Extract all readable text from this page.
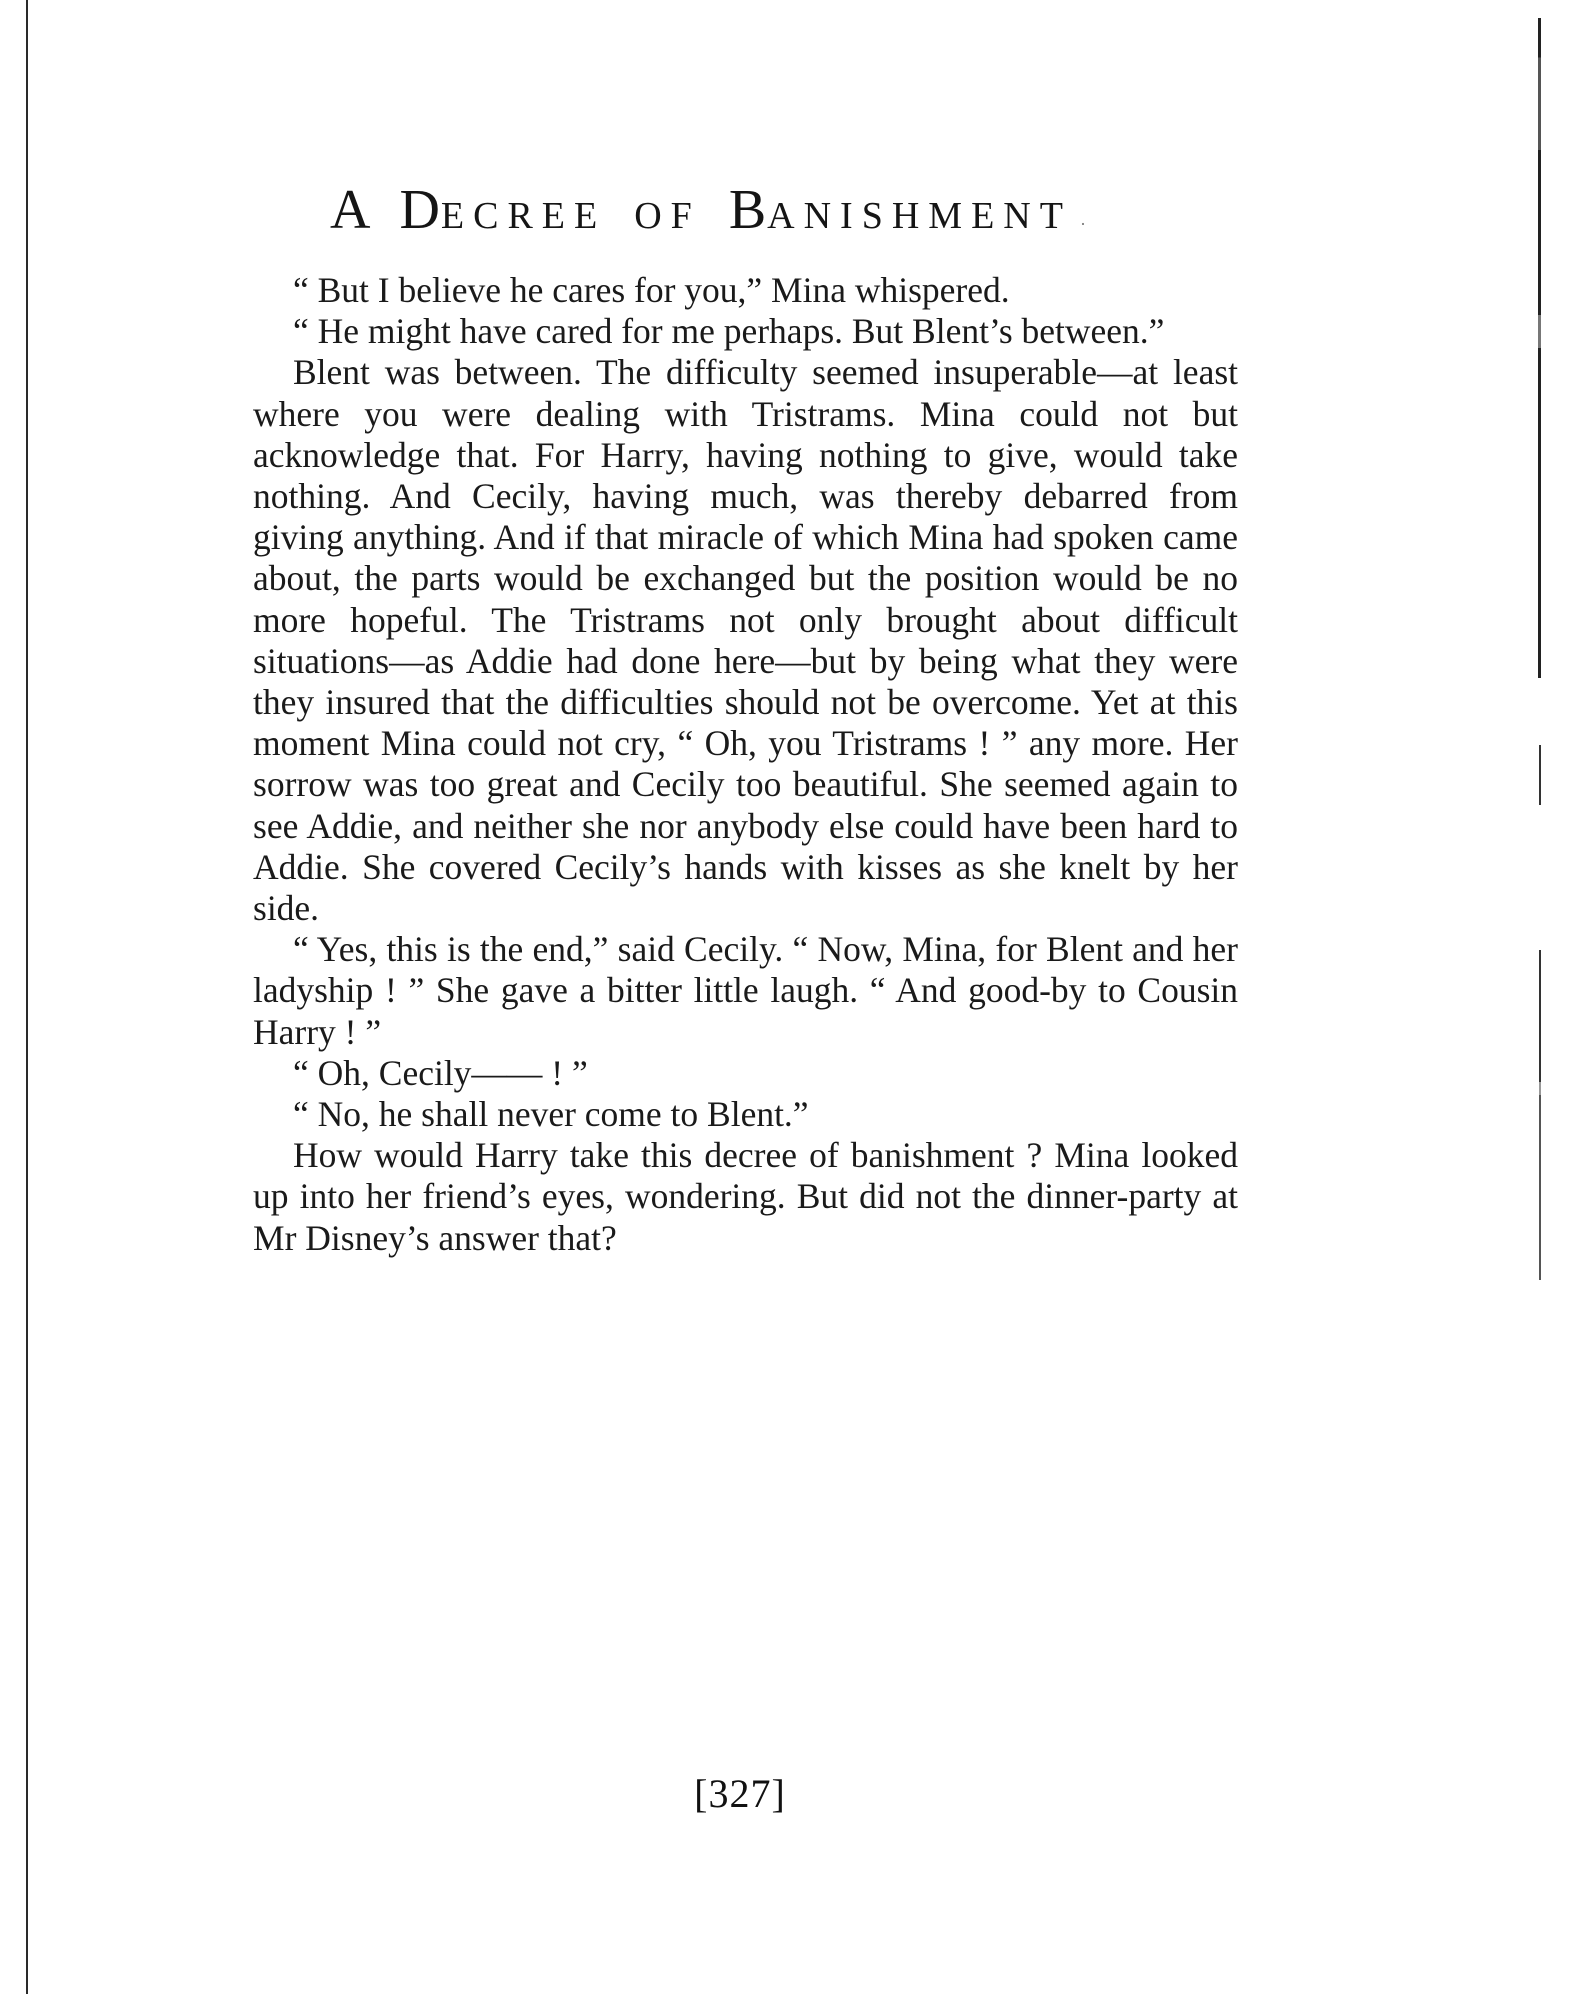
A DECREE OF BANISHMENT ·

“ But I believe he cares for you,” Mina whispered.

“ He might have cared for me perhaps. But Blent’s between.”

Blent was between. The difficulty seemed insuperable—at least where you were dealing with Tristrams. Mina could not but acknowledge that. For Harry, having nothing to give, would take nothing. And Cecily, having much, was thereby debarred from giving anything. And if that miracle of which Mina had spoken came about, the parts would be exchanged but the position would be no more hopeful. The Tristrams not only brought about difficult situations—as Addie had done here—but by being what they were they insured that the difficulties should not be overcome. Yet at this moment Mina could not cry, “ Oh, you Tristrams ! ” any more. Her sorrow was too great and Cecily too beautiful. She seemed again to see Addie, and neither she nor anybody else could have been hard to Addie. She covered Cecily’s hands with kisses as she knelt by her side.

“ Yes, this is the end,” said Cecily. “ Now, Mina, for Blent and her ladyship ! ” She gave a bitter little laugh. “ And good-by to Cousin Harry ! ”

“ Oh, Cecily—— ! ”

“ No, he shall never come to Blent.”

How would Harry take this decree of banishment ? Mina looked up into her friend’s eyes, wondering. But did not the dinner-party at Mr Disney’s answer that?

[327]
